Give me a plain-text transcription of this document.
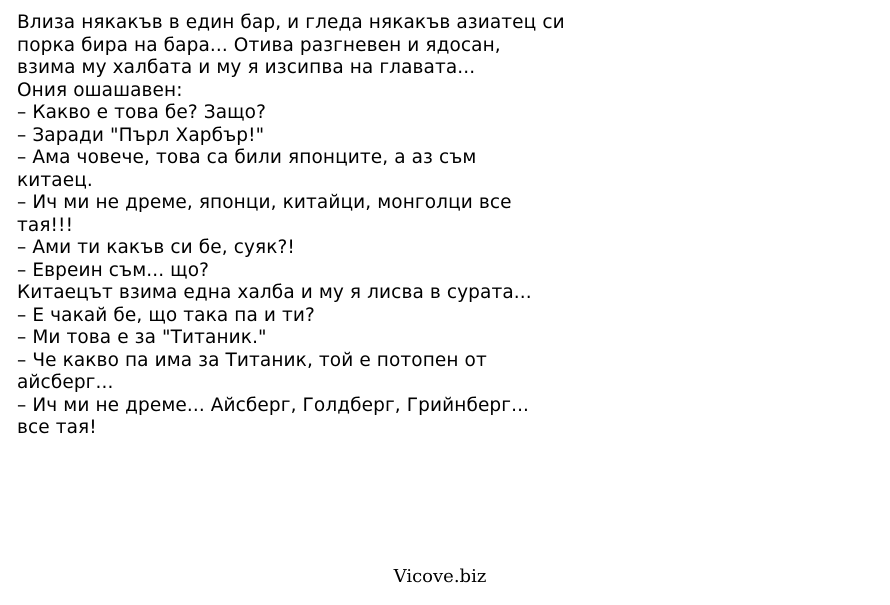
Влиза някакъв в един бар, и гледа някакъв азиатец си
порка бира на бара... Отива разгневен и ядосан,
взима му халбата и му я изсипва на главата...
Ония ошашавен:
– Какво е това бе? Защо?
– Заради "Пърл Харбър!"
– Ама човече, това са били японците, а аз съм
китаец.
– Ич ми не дреме, японци, китайци, монголци все
тая!!!
– Ами ти какъв си бе, суяк?!
– Евреин съм... що?
Китаецът взима една халба и му я лисва в сурата...
– Е чакай бе, що така па и ти?
– Ми това е за "Титаник."
– Че какво па има за Титаник, той е потопен от
айсберг...
– Ич ми не дреме... Айсберг, Голдберг, Грийнберг...
все тая!
Vicove.biz
